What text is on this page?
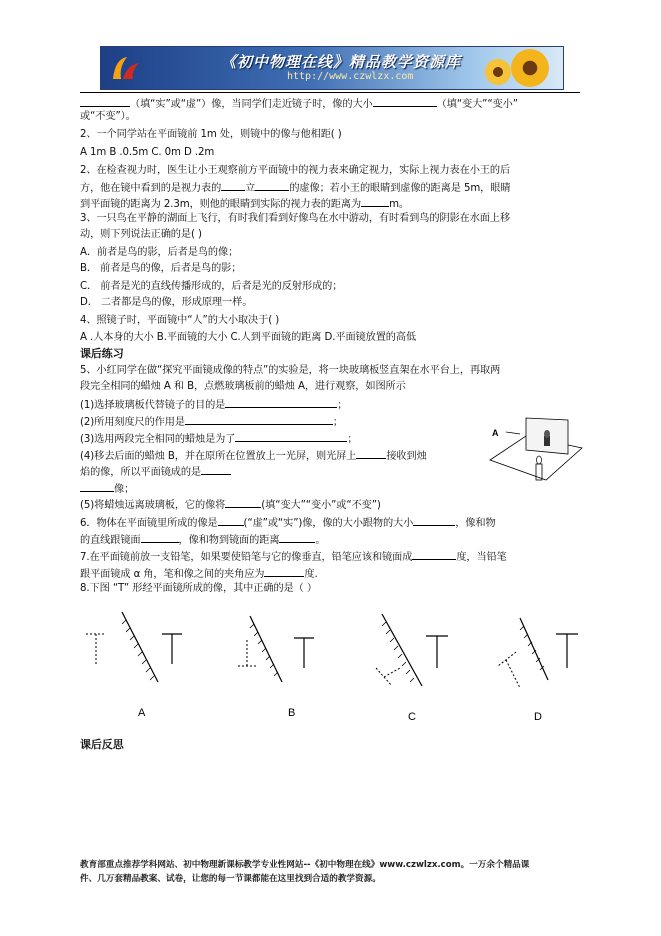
《初中物理在线》精品教学资源库
http://www.czwlzx.com
（填“实”或“虚”）像，当同学们走近镜子时，像的大小	（填“变大”“变小”
或“不变”）。
2、一个同学站在平面镜前 1m 处，则镜中的像与他相距( )
A 1m B .0.5m C. 0m D .2m
2、在检查视力时，医生让小王观察前方平面镜中的视力表来确定视力，实际上视力表在小王的后
方，他在镜中看到的是视力表的 立	的虚像；若小王的眼睛到虚像的距离是 5m，眼睛
到平面镜的距离为 2.3m，则他的眼睛到实际的视力表的距离为	m。
3、一只鸟在平静的湖面上飞行，有时我们看到好像鸟在水中游动，有时看到鸟的阴影在水面上移
动，则下列说法正确的是( )
A．前者是鸟的影，后者是鸟的像；
B． 前者是鸟的像，后者是鸟的影；
C． 前者是光的直线传播形成的，后者是光的反射形成的；
D． 二者都是鸟的像，形成原理一样。
4、照镜子时，平面镜中“人”的大小取决于( )
A .人本身的大小 B.平面镜的大小 C.人到平面镜的距离 D.平面镜放置的高低
课后练习
5、小红同学在做“探究平面镜成像的特点”的实验是，将一块玻璃板竖直架在水平台上，再取两
段完全相同的蜡烛 A 和 B，点燃玻璃板前的蜡烛 A，进行观察，如图所示
(1)选择玻璃板代替镜子的目的是	；
(2)所用刻度尺的作用是	；
(3)选用两段完全相同的蜡烛是为了	；
(4)移去后面的蜡烛 B，并在原所在位置放上一光屏，则光屏上	接收到烛
焰的像，所以平面镜成的是
像；
(5)将蜡烛远离玻璃板，它的像将	(填“变大”“变小”或“不变”)
A
6．物体在平面镜里所成的像是	(“虚”或“实”)像，像的大小跟物的大小	，像和物
的直线跟镜面	，像和物到镜面的距离	。
7.在平面镜前放一支铅笔，如果要使铅笔与它的像垂直，铅笔应该和镜面成	度，当铅笔
跟平面镜成 α 角，笔和像之间的夹角应为	度.
8.下图 “T” 形经平面镜所成的像，其中正确的是（ ）
A	B	C	D
课后反思
教育部重点推荐学科网站、初中物理新课标教学专业性网站--《初中物理在线》www.czwlzx.com。一万余个精品课
件、几万套精品教案、试卷，让您的每一节课都能在这里找到合适的教学资源。
